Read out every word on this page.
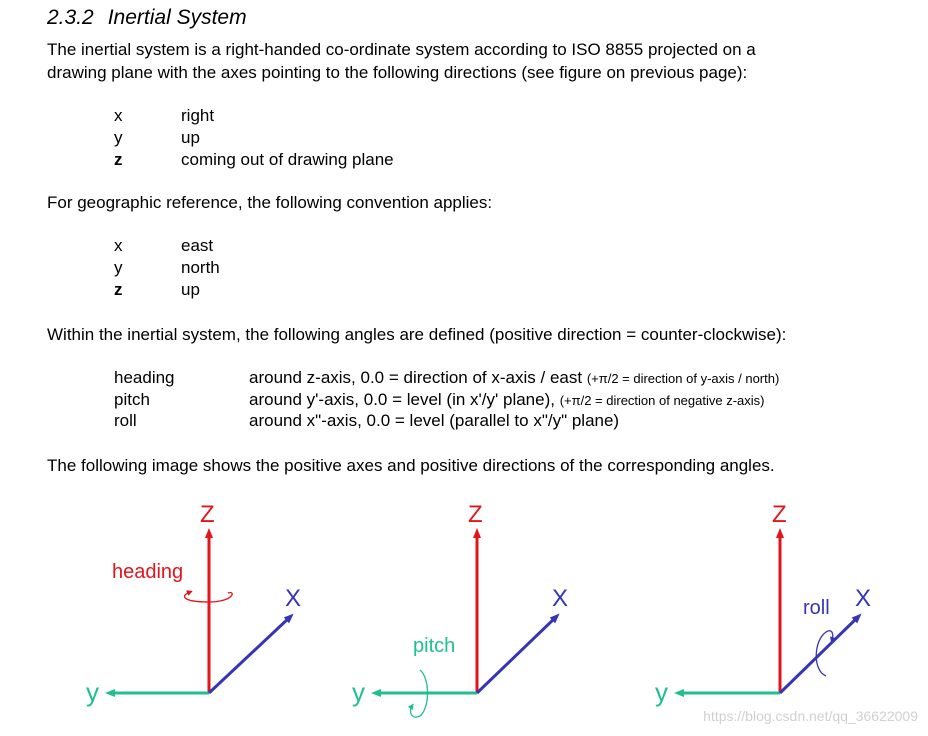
2.3.2 Inertial System
The inertial system is a right-handed co-ordinate system according to ISO 8855 projected on a
drawing plane with the axes pointing to the following directions (see figure on previous page):
x	right
y	up
z	coming out of drawing plane
For geographic reference, the following convention applies:
x	east
y	north
z	up
Within the inertial system, the following angles are defined (positive direction = counter-clockwise):
heading	around z-axis, 0.0 = direction of x-axis / east (+π/2 = direction of y-axis / north)
pitch	around y'-axis, 0.0 = level (in x'/y' plane), (+π/2 = direction of negative z-axis)
roll	around x"-axis, 0.0 = level (parallel to x"/y" plane)
The following image shows the positive axes and positive directions of the corresponding angles.
Z
X
y
heading
Z
X
y
pitch
Z
X
y
roll
https://blog.csdn.net/qq_36622009
